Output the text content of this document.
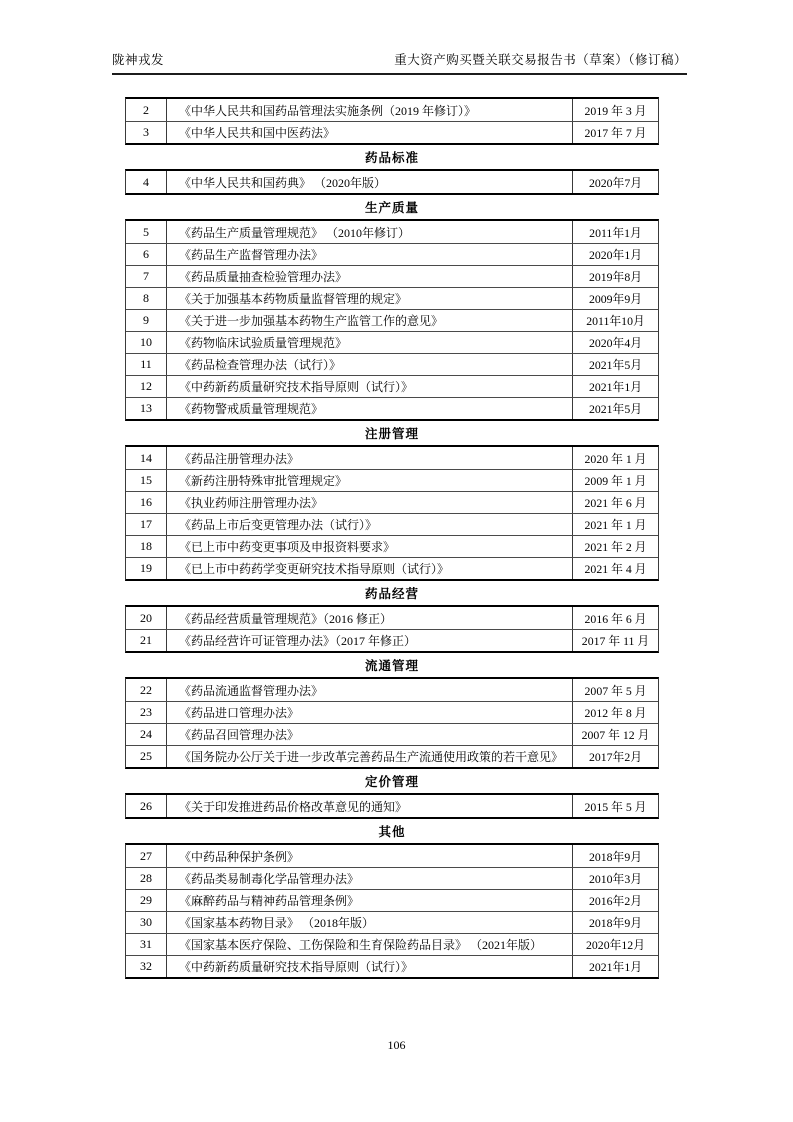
陇神戎发	重大资产购买暨关联交易报告书（草案）（修订稿）
2	《中华人民共和国药品管理法实施条例（2019 年修订）》	2019 年 3 月
3	《中华人民共和国中医药法》	2017 年 7 月
药品标准
4	《中华人民共和国药典》 （2020年版）	2020年7月
生产质量
5	《药品生产质量管理规范》 （2010年修订）	2011年1月
6	《药品生产监督管理办法》	2020年1月
7	《药品质量抽查检验管理办法》	2019年8月
8	《关于加强基本药物质量监督管理的规定》	2009年9月
9	《关于进一步加强基本药物生产监管工作的意见》	2011年10月
10	《药物临床试验质量管理规范》	2020年4月
11	《药品检查管理办法（试行）》	2021年5月
12	《中药新药质量研究技术指导原则（试行）》	2021年1月
13	《药物警戒质量管理规范》	2021年5月
注册管理
14	《药品注册管理办法》	2020 年 1 月
15	《新药注册特殊审批管理规定》	2009 年 1 月
16	《执业药师注册管理办法》	2021 年 6 月
17	《药品上市后变更管理办法（试行）》	2021 年 1 月
18	《已上市中药变更事项及申报资料要求》	2021 年 2 月
19	《已上市中药药学变更研究技术指导原则（试行）》	2021 年 4 月
药品经营
20	《药品经营质量管理规范》（2016 修正）	2016 年 6 月
21	《药品经营许可证管理办法》（2017 年修正）	2017 年 11 月
流通管理
22	《药品流通监督管理办法》	2007 年 5 月
23	《药品进口管理办法》	2012 年 8 月
24	《药品召回管理办法》	2007 年 12 月
25	《国务院办公厅关于进一步改革完善药品生产流通使用政策的若干意见》	2017年2月
定价管理
26	《关于印发推进药品价格改革意见的通知》	2015 年 5 月
其他
27	《中药品种保护条例》	2018年9月
28	《药品类易制毒化学品管理办法》	2010年3月
29	《麻醉药品与精神药品管理条例》	2016年2月
30	《国家基本药物目录》 （2018年版）	2018年9月
31	《国家基本医疗保险、工伤保险和生育保险药品目录》 （2021年版）	2020年12月
32	《中药新药质量研究技术指导原则（试行）》	2021年1月
106
